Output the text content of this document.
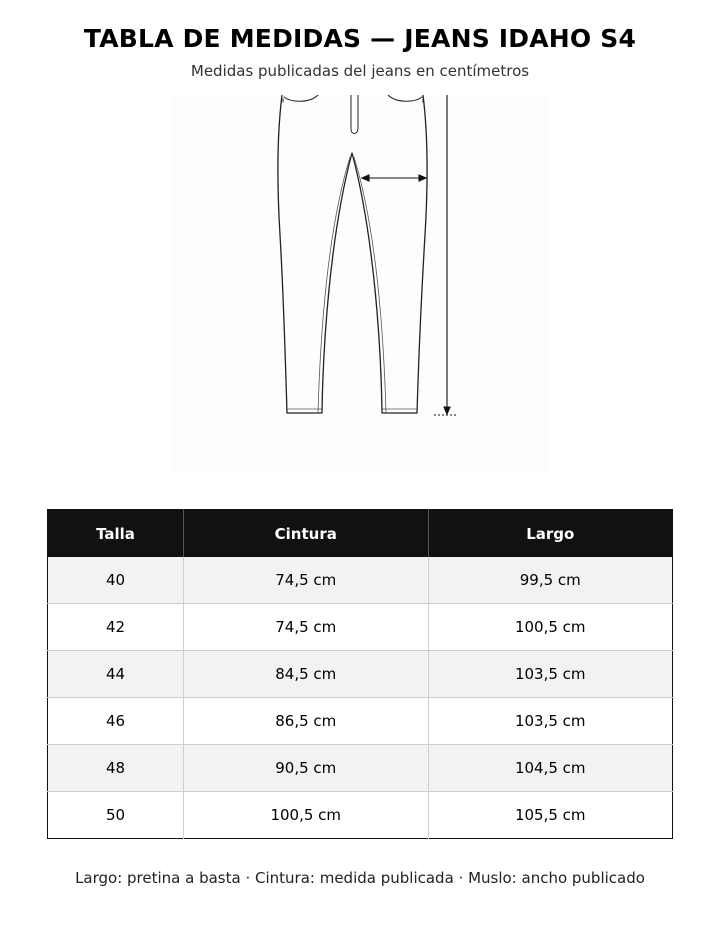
TABLA DE MEDIDAS — JEANS IDAHO S4
Medidas publicadas del jeans en centímetros
Talla	Cintura	Largo
40	74,5 cm	99,5 cm
42	74,5 cm	100,5 cm
44	84,5 cm	103,5 cm
46	86,5 cm	103,5 cm
48	90,5 cm	104,5 cm
50	100,5 cm	105,5 cm
Largo: pretina a basta · Cintura: medida publicada · Muslo: ancho publicado
